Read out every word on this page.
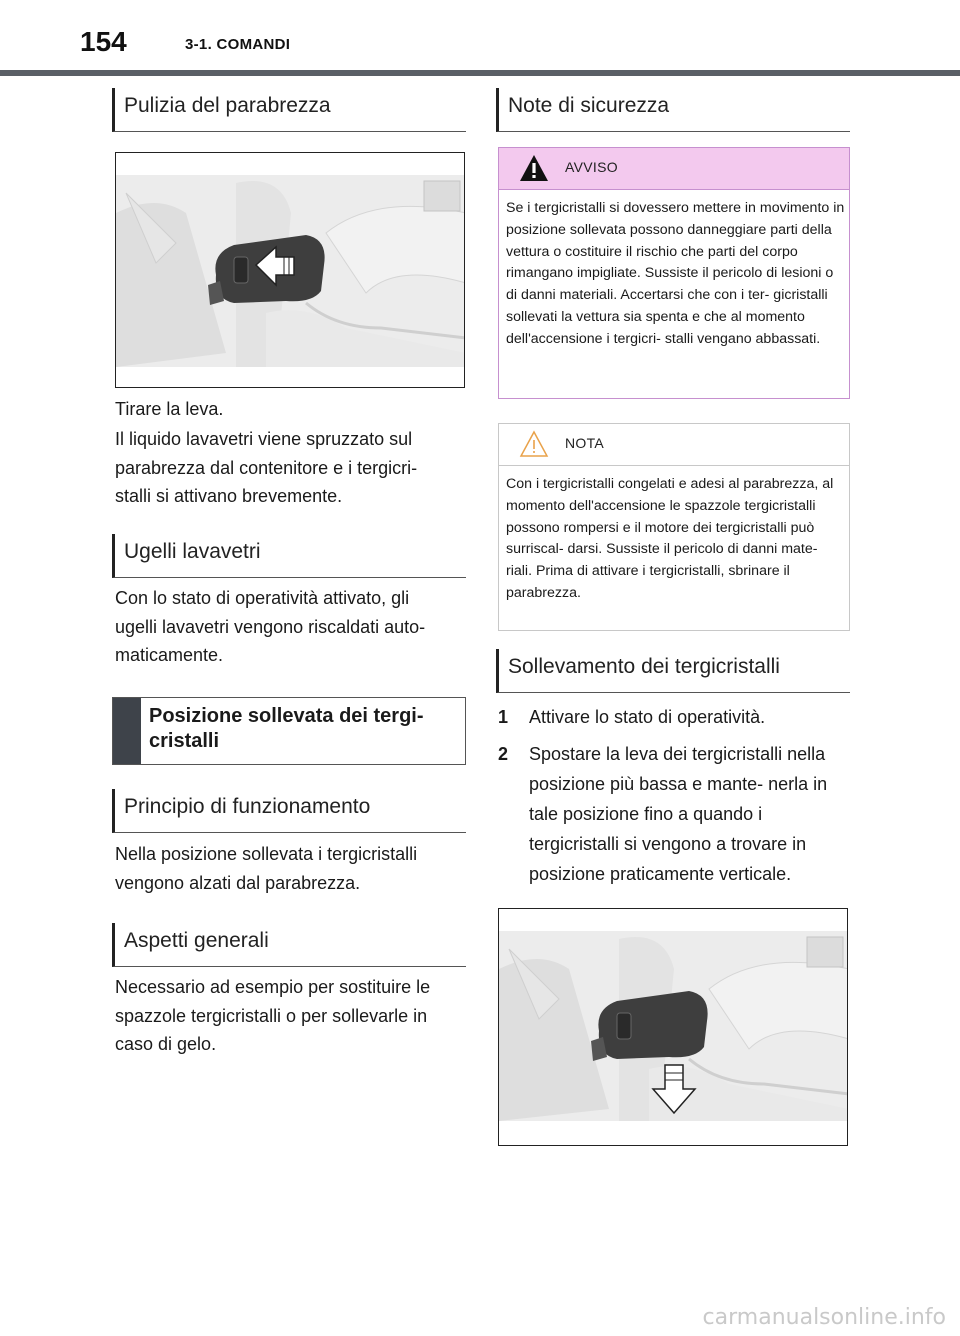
154	3-1. COMANDI
Pulizia del parabrezza
Tirare la leva.
Il liquido lavavetri viene spruzzato sul parabrezza dal contenitore e i tergicri- stalli si attivano brevemente.
Ugelli lavavetri
Con lo stato di operatività attivato, gli ugelli lavavetri vengono riscaldati auto- maticamente.
Posizione sollevata dei tergi- cristalli
Principio di funzionamento
Nella posizione sollevata i tergicristalli vengono alzati dal parabrezza.
Aspetti generali
Necessario ad esempio per sostituire le spazzole tergicristalli o per sollevarle in caso di gelo.
Note di sicurezza
AVVISO
Se i tergicristalli si dovessero mettere in movimento in posizione sollevata possono danneggiare parti della vettura o costituire il rischio che parti del corpo rimangano impigliate. Sussiste il pericolo di lesioni o di danni materiali. Accertarsi che con i ter- gicristalli sollevati la vettura sia spenta e che al momento dell'accensione i tergicri- stalli vengano abbassati.
NOTA
Con i tergicristalli congelati e adesi al parabrezza, al momento dell'accensione le spazzole tergicristalli possono rompersi e il motore dei tergicristalli può surriscal- darsi. Sussiste il pericolo di danni mate- riali. Prima di attivare i tergicristalli, sbrinare il parabrezza.
Sollevamento dei tergicristalli
1 Attivare lo stato di operatività.
2 Spostare la leva dei tergicristalli nella posizione più bassa e mante- nerla in tale posizione fino a quando i tergicristalli si vengono a trovare in posizione praticamente verticale.
carmanualsonline.info
